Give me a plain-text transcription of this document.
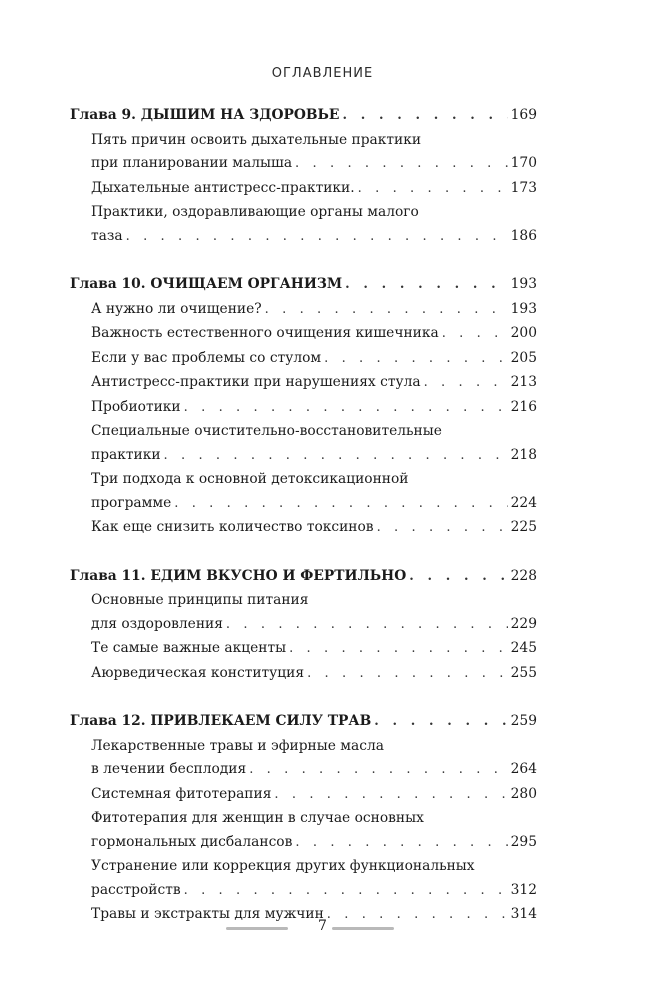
ОГЛАВЛЕНИЕ
Глава 9. ДЫШИМ НА ЗДОРОВЬЕ . . .	169
Пять причин освоить дыхательные практики
при планировании малыша . . .	170
Дыхательные антистресс-практики. . . .	173
Практики, оздоравливающие органы малого
таза . . .	186
Глава 10. ОЧИЩАЕМ ОРГАНИЗМ . . .	193
А нужно ли очищение? . . .	193
Важность естественного очищения кишечника . . .	200
Если у вас проблемы со стулом . . .	205
Антистресс-практики при нарушениях стула . . .	213
Пробиотики . . .	216
Специальные очистительно-восстановительные
практики . . .	218
Три подхода к основной детоксикационной
программе . . .	224
Как еще снизить количество токсинов . . .	225
Глава 11. ЕДИМ ВКУСНО И ФЕРТИЛЬНО . . .	228
Основные принципы питания
для оздоровления . . .	229
Те самые важные акценты . . .	245
Аюрведическая конституция . . .	255
Глава 12. ПРИВЛЕКАЕМ СИЛУ ТРАВ . . .	259
Лекарственные травы и эфирные масла
в лечении бесплодия . . .	264
Системная фитотерапия . . .	280
Фитотерапия для женщин в случае основных
гормональных дисбалансов . . .	295
Устранение или коррекция других функциональных
расстройств . . .	312
Травы и экстракты для мужчин . . .	314
7
